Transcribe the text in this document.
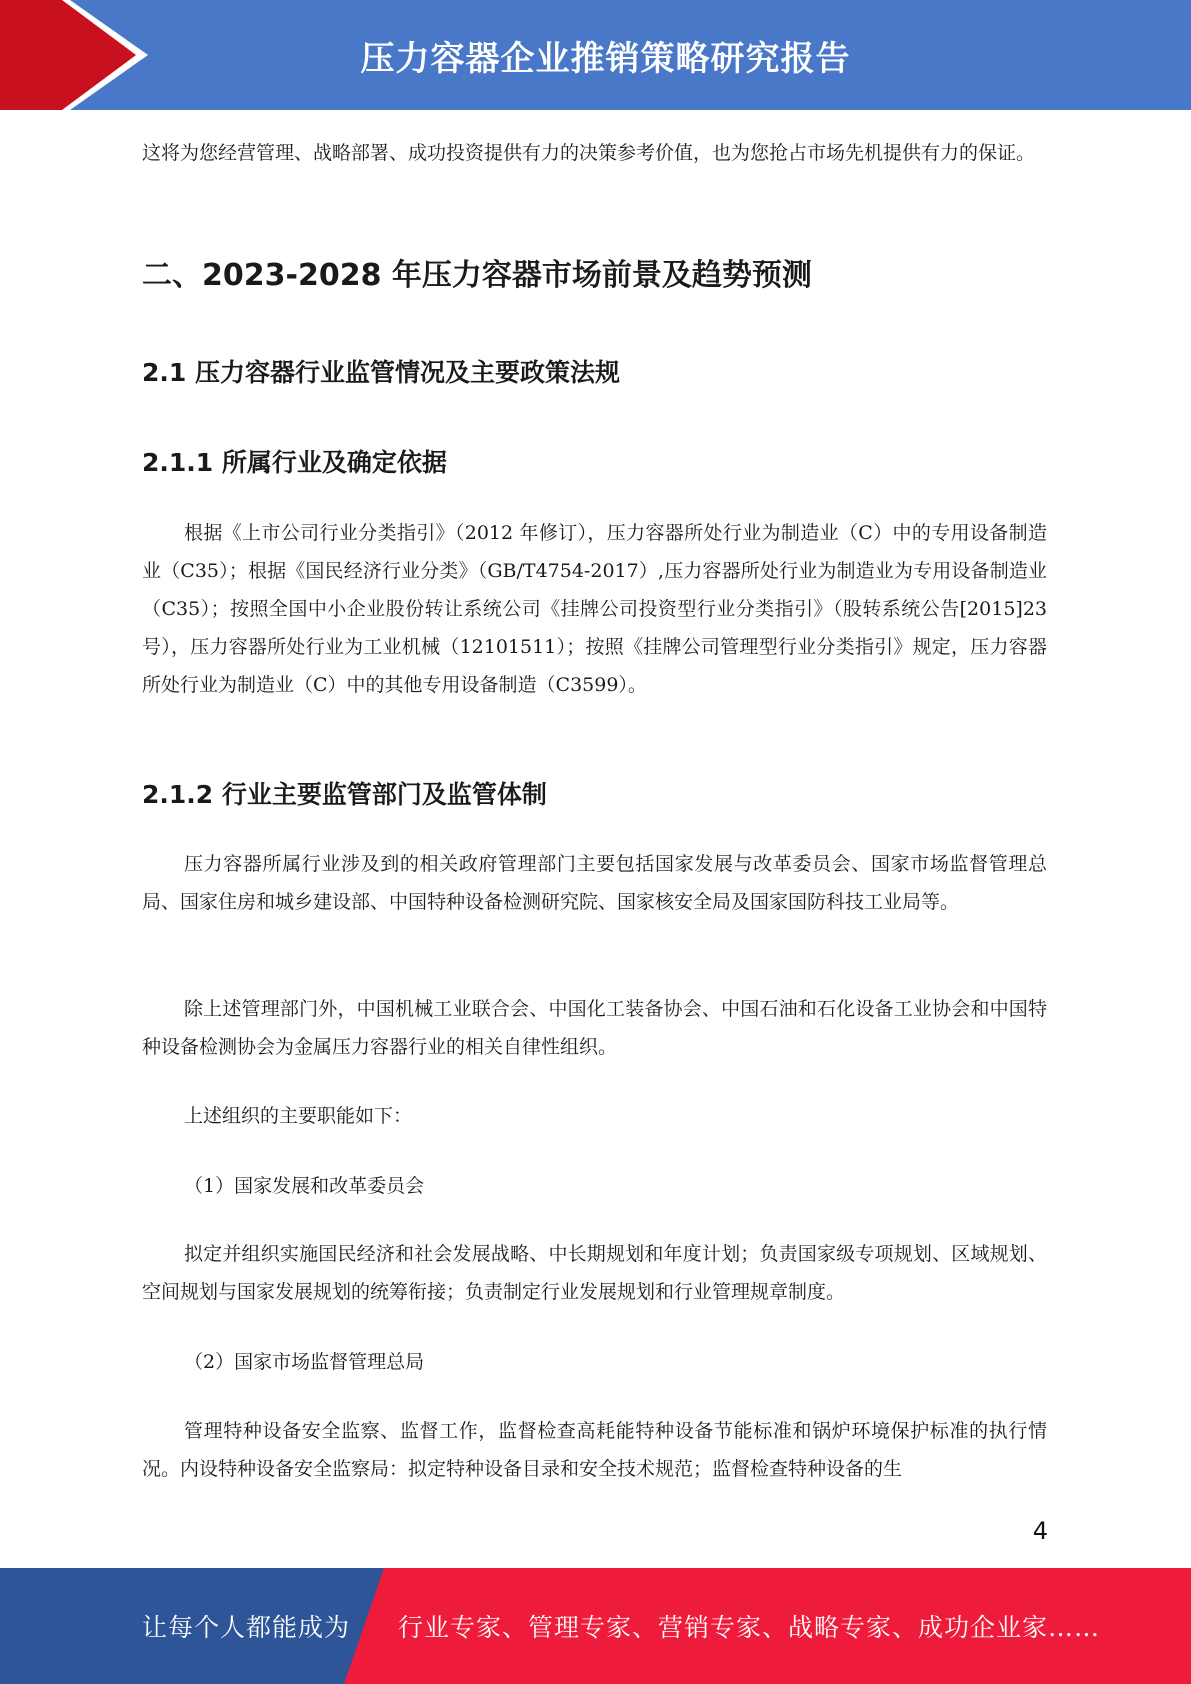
压力容器企业推销策略研究报告

这将为您经营管理、战略部署、成功投资提供有力的决策参考价值，也为您抢占市场先机提供有力的保证。

二、2023-2028 年压力容器市场前景及趋势预测
2.1 压力容器行业监管情况及主要政策法规
2.1.1 所属行业及确定依据

根据《上市公司行业分类指引》（2012 年修订），压力容器所处行业为制造业（C）中的专用设备制造业（C35）；根据《国民经济行业分类》（GB/T4754-2017）,压力容器所处行业为制造业为专用设备制造业（C35）；按照全国中小企业股份转让系统公司《挂牌公司投资型行业分类指引》（股转系统公告[2015]23 号），压力容器所处行业为工业机械（12101511）；按照《挂牌公司管理型行业分类指引》规定，压力容器所处行业为制造业（C）中的其他专用设备制造（C3599）。

2.1.2 行业主要监管部门及监管体制

压力容器所属行业涉及到的相关政府管理部门主要包括国家发展与改革委员会、国家市场监督管理总局、国家住房和城乡建设部、中国特种设备检测研究院、国家核安全局及国家国防科技工业局等。

除上述管理部门外，中国机械工业联合会、中国化工装备协会、中国石油和石化设备工业协会和中国特种设备检测协会为金属压力容器行业的相关自律性组织。

上述组织的主要职能如下：

（1）国家发展和改革委员会

拟定并组织实施国民经济和社会发展战略、中长期规划和年度计划；负责国家级专项规划、区域规划、空间规划与国家发展规划的统筹衔接；负责制定行业发展规划和行业管理规章制度。

（2）国家市场监督管理总局

管理特种设备安全监察、监督工作，监督检查高耗能特种设备节能标准和锅炉环境保护标准的执行情况。内设特种设备安全监察局：拟定特种设备目录和安全技术规范；监督检查特种设备的生

4
让每个人都能成为 行业专家、管理专家、营销专家、战略专家、成功企业家……
